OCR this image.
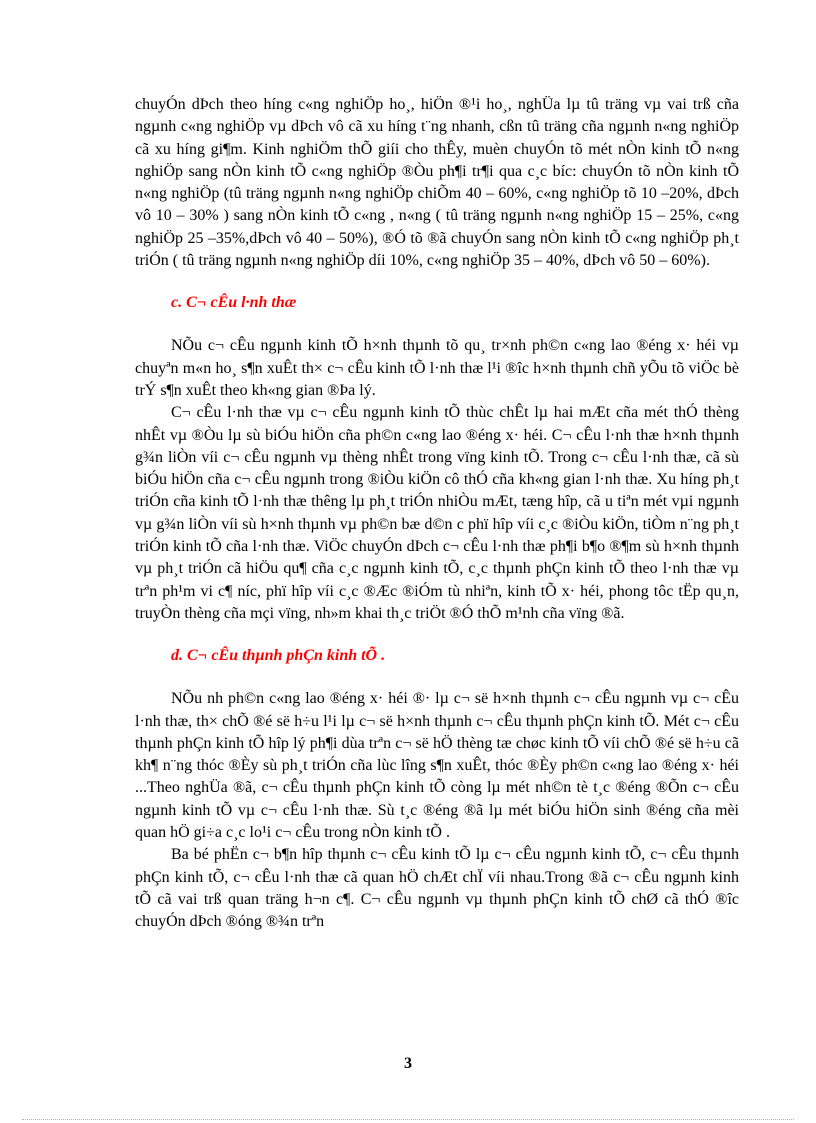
chuyÓn dÞch theo híng c«ng nghiÖp ho¸, hiÖn ®¹i ho¸, nghÜa lµ tû träng vµ vai trß cña ngµnh c«ng nghiÖp vµ dÞch vô cã xu híng t¨ng nhanh, cßn tû träng cña ngµnh n«ng nghiÖp cã xu híng gi¶m. Kinh nghiÖm thÕ giíi cho thÊy, muèn chuyÓn tõ mét nÒn kinh tÕ n«ng nghiÖp sang nÒn kinh tÕ c«ng nghiÖp ®Òu ph¶i tr¶i qua c¸c bíc: chuyÓn tõ nÒn kinh tÕ n«ng nghiÖp (tû träng ngµnh n«ng nghiÖp chiÕm 40 – 60%, c«ng nghiÖp tõ 10 –20%, dÞch vô 10 – 30% ) sang nÒn kinh tÕ c«ng , n«ng ( tû träng ngµnh n«ng nghiÖp 15 – 25%, c«ng nghiÖp 25 –35%,dÞch vô 40 – 50%), ®Ó tõ ®ã chuyÓn sang nÒn kinh tÕ c«ng nghiÖp ph¸t triÓn ( tû träng ngµnh n«ng nghiÖp díi 10%, c«ng nghiÖp 35 – 40%, dÞch vô 50 – 60%).

c. C¬ cÊu l·nh thæ

NÕu c¬ cÊu ngµnh kinh tÕ h×nh thµnh tõ qu¸ tr×nh ph©n c«ng lao ®éng x· héi vµ chuyªn m«n ho¸ s¶n xuÊt th× c¬ cÊu kinh tÕ l·nh thæ l¹i ®îc h×nh thµnh chñ yÕu tõ viÖc bè trÝ s¶n xuÊt theo kh«ng gian ®Þa lý.

C¬ cÊu l·nh thæ vµ c¬ cÊu ngµnh kinh tÕ thùc chÊt lµ hai mÆt cña mét thÓ thèng nhÊt vµ ®Òu lµ sù biÓu hiÖn cña ph©n c«ng lao ®éng x· héi. C¬ cÊu l·nh thæ h×nh thµnh g¾n liÒn víi c¬ cÊu ngµnh vµ thèng nhÊt trong vïng kinh tÕ. Trong c¬ cÊu l·nh thæ, cã sù biÓu hiÖn cña c¬ cÊu ngµnh trong ®iÒu kiÖn cô thÓ cña kh«ng gian l·nh thæ. Xu híng ph¸t triÓn cña kinh tÕ l·nh thæ thêng lµ ph¸t triÓn nhiÒu mÆt, tæng hîp, cã u tiªn mét vµi ngµnh vµ g¾n liÒn víi sù h×nh thµnh vµ ph©n bæ d©n c phï hîp víi c¸c ®iÒu kiÖn, tiÒm n¨ng ph¸t triÓn kinh tÕ cña l·nh thæ. ViÖc chuyÓn dÞch c¬ cÊu l·nh thæ ph¶i b¶o ®¶m sù h×nh thµnh vµ ph¸t triÓn cã hiÖu qu¶ cña c¸c ngµnh kinh tÕ, c¸c thµnh phÇn kinh tÕ theo l·nh thæ vµ trªn ph¹m vi c¶ níc, phï hîp víi c¸c ®Æc ®iÓm tù nhiªn, kinh tÕ x· héi, phong tôc tËp qu¸n, truyÒn thèng cña mçi vïng, nh»m khai th¸c triÖt ®Ó thÕ m¹nh cña vïng ®ã.

d. C¬ cÊu thµnh phÇn kinh tÕ .

NÕu nh ph©n c«ng lao ®éng x· héi ®· lµ c¬ së h×nh thµnh c¬ cÊu ngµnh vµ c¬ cÊu l·nh thæ, th× chÕ ®é së h÷u l¹i lµ c¬ së h×nh thµnh c¬ cÊu thµnh phÇn kinh tÕ. Mét c¬ cÊu thµnh phÇn kinh tÕ hîp lý ph¶i dùa trªn c¬ së hÖ thèng tæ chøc kinh tÕ víi chÕ ®é së h÷u cã kh¶ n¨ng thóc ®Èy sù ph¸t triÓn cña lùc lîng s¶n xuÊt, thóc ®Èy ph©n c«ng lao ®éng x· héi ...Theo nghÜa ®ã, c¬ cÊu thµnh phÇn kinh tÕ còng lµ mét nh©n tè t¸c ®éng ®Õn c¬ cÊu ngµnh kinh tÕ vµ c¬ cÊu l·nh thæ. Sù t¸c ®éng ®ã lµ mét biÓu hiÖn sinh ®éng cña mèi quan hÖ gi÷a c¸c lo¹i c¬ cÊu trong nÒn kinh tÕ .

Ba bé phËn c¬ b¶n hîp thµnh c¬ cÊu kinh tÕ lµ c¬ cÊu ngµnh kinh tÕ, c¬ cÊu thµnh phÇn kinh tÕ, c¬ cÊu l·nh thæ cã quan hÖ chÆt chÏ víi nhau.Trong ®ã c¬ cÊu ngµnh kinh tÕ cã vai trß quan träng h¬n c¶. C¬ cÊu ngµnh vµ thµnh phÇn kinh tÕ chØ cã thÓ ®îc chuyÓn dÞch ®óng ®¾n trªn

3
